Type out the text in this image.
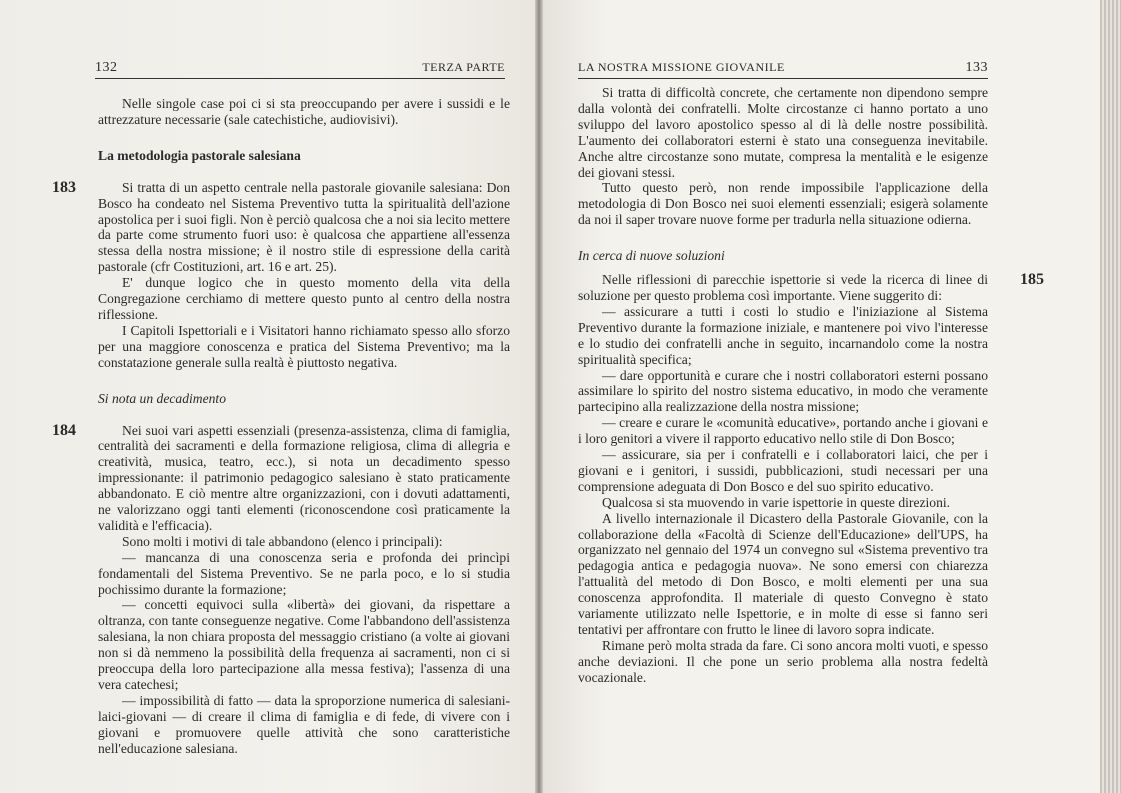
132	TERZA PARTE	LA NOSTRA MISSIONE GIOVANILE	133

Nelle singole case poi ci si sta preoccupando per avere i sussidi e le attrezzature necessarie (sale catechistiche, audiovisivi).

La metodologia pastorale salesiana
183	Si tratta di un aspetto centrale nella pastorale giovanile salesiana: Don Bosco ha condeato nel Sistema Preventivo tutta la spiritualità dell'azione apostolica per i suoi figli. Non è perciò qualcosa che a noi sia lecito mettere da parte come strumento fuori uso: è qualcosa che appartiene all'essenza stessa della nostra missione; è il nostro stile di espressione della carità pastorale (cfr Costituzioni, art. 16 e art. 25).

E' dunque logico che in questo momento della vita della Congregazione cerchiamo di mettere questo punto al centro della nostra riflessione.

I Capitoli Ispettoriali e i Visitatori hanno richiamato spesso allo sforzo per una maggiore conoscenza e pratica del Sistema Preventivo; ma la constatazione generale sulla realtà è piuttosto negativa.

Si nota un decadimento
184	Nei suoi vari aspetti essenziali (presenza-assistenza, clima di famiglia, centralità dei sacramenti e della formazione religiosa, clima di allegria e creatività, musica, teatro, ecc.), si nota un decadimento spesso impressionante: il patrimonio pedagogico salesiano è stato praticamente abbandonato. E ciò mentre altre organizzazioni, con i dovuti adattamenti, ne valorizzano oggi tanti elementi (riconoscendone così praticamente la validità e l'efficacia).

Sono molti i motivi di tale abbandono (elenco i principali):

— mancanza di una conoscenza seria e profonda dei princìpi fondamentali del Sistema Preventivo. Se ne parla poco, e lo si studia pochissimo durante la formazione;

— concetti equivoci sulla «libertà» dei giovani, da rispettare a oltranza, con tante conseguenze negative. Come l'abbandono dell'assistenza salesiana, la non chiara proposta del messaggio cristiano (a volte ai giovani non si dà nemmeno la possibilità della frequenza ai sacramenti, non ci si preoccupa della loro partecipazione alla messa festiva); l'assenza di una vera catechesi;

— impossibilità di fatto — data la sproporzione numerica di salesiani-laici-giovani — di creare il clima di famiglia e di fede, di vivere con i giovani e promuovere quelle attività che sono caratteristiche nell'educazione salesiana.

Si tratta di difficoltà concrete, che certamente non dipendono sempre dalla volontà dei confratelli. Molte circostanze ci hanno portato a uno sviluppo del lavoro apostolico spesso al di là delle nostre possibilità. L'aumento dei collaboratori esterni è stato una conseguenza inevitabile. Anche altre circostanze sono mutate, compresa la mentalità e le esigenze dei giovani stessi.

Tutto questo però, non rende impossibile l'applicazione della metodologia di Don Bosco nei suoi elementi essenziali; esigerà solamente da noi il saper trovare nuove forme per tradurla nella situazione odierna.

In cerca di nuove soluzioni
185

Nelle riflessioni di parecchie ispettorie si vede la ricerca di linee di soluzione per questo problema così importante. Viene suggerito di:

— assicurare a tutti i costi lo studio e l'iniziazione al Sistema Preventivo durante la formazione iniziale, e mantenere poi vivo l'interesse e lo studio dei confratelli anche in seguito, incarnandolo come la nostra spiritualità specifica;

— dare opportunità e curare che i nostri collaboratori esterni possano assimilare lo spirito del nostro sistema educativo, in modo che veramente partecipino alla realizzazione della nostra missione;

— creare e curare le «comunità educative», portando anche i giovani e i loro genitori a vivere il rapporto educativo nello stile di Don Bosco;

— assicurare, sia per i confratelli e i collaboratori laici, che per i giovani e i genitori, i sussidi, pubblicazioni, studi necessari per una comprensione adeguata di Don Bosco e del suo spirito educativo.

Qualcosa si sta muovendo in varie ispettorie in queste direzioni.

A livello internazionale il Dicastero della Pastorale Giovanile, con la collaborazione della «Facoltà di Scienze dell'Educazione» dell'UPS, ha organizzato nel gennaio del 1974 un convegno sul «Sistema preventivo tra pedagogia antica e pedagogia nuova». Ne sono emersi con chiarezza l'attualità del metodo di Don Bosco, e molti elementi per una sua conoscenza approfondita. Il materiale di questo Convegno è stato variamente utilizzato nelle Ispettorie, e in molte di esse si fanno seri tentativi per affrontare con frutto le linee di lavoro sopra indicate.

Rimane però molta strada da fare. Ci sono ancora molti vuoti, e spesso anche deviazioni. Il che pone un serio problema alla nostra fedeltà vocazionale.
